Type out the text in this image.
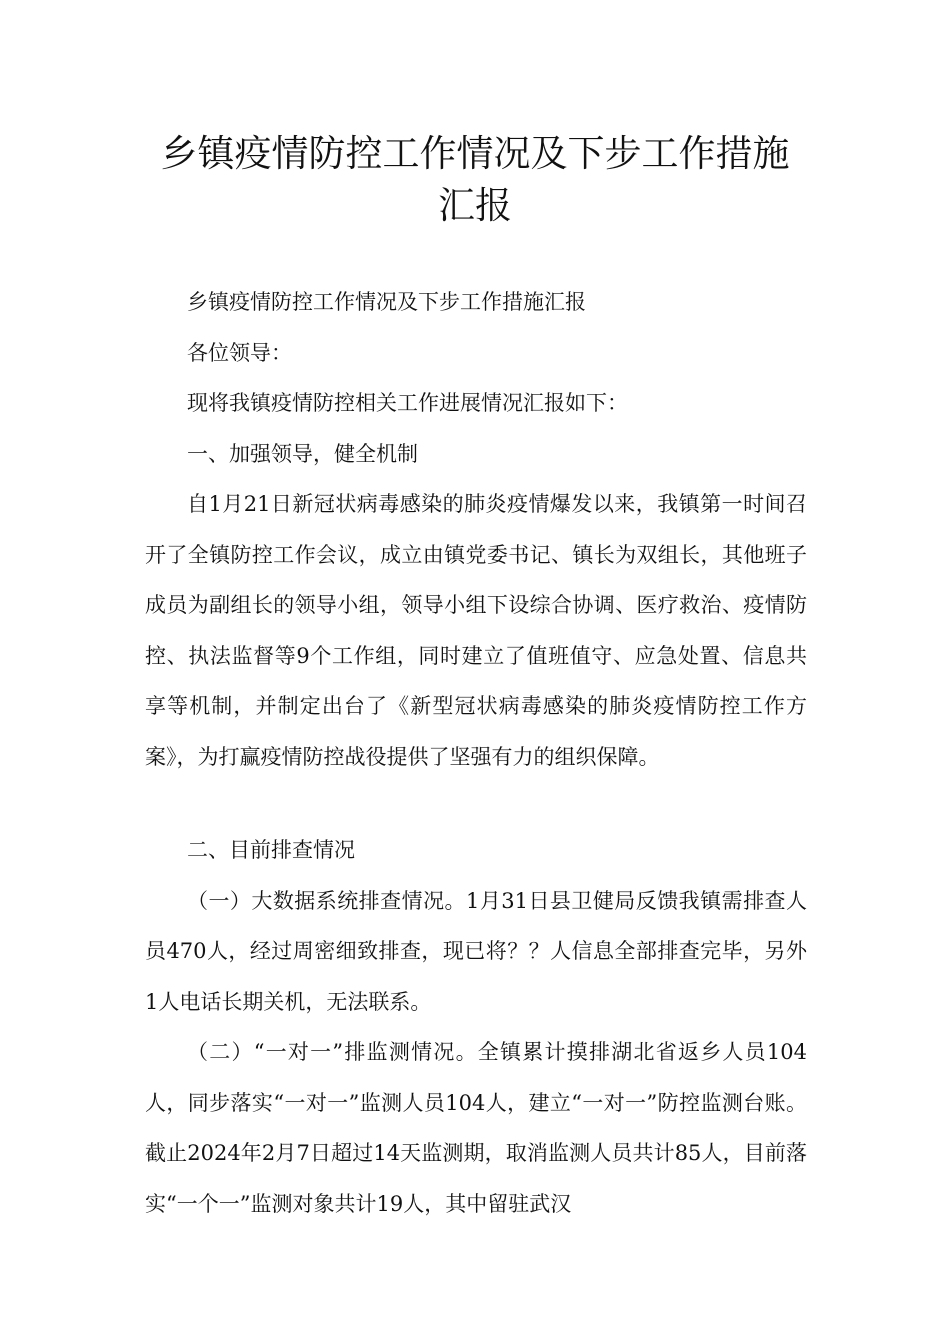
乡镇疫情防控工作情况及下步工作措施
汇报

乡镇疫情防控工作情况及下步工作措施汇报

各位领导：

现将我镇疫情防控相关工作进展情况汇报如下：

一、加强领导，健全机制

自1月21日新冠状病毒感染的肺炎疫情爆发以来，我镇第一时间召开了全镇防控工作会议，成立由镇党委书记、镇长为双组长，其他班子成员为副组长的领导小组，领导小组下设综合协调、医疗救治、疫情防控、执法监督等9个工作组，同时建立了值班值守、应急处置、信息共享等机制，并制定出台了《新型冠状病毒感染的肺炎疫情防控工作方案》，为打赢疫情防控战役提供了坚强有力的组织保障。

二、目前排查情况

（一）大数据系统排查情况。1月31日县卫健局反馈我镇需排查人员470人，经过周密细致排查，现已将？？人信息全部排查完毕，另外1人电话长期关机，无法联系。

（二）“一对一”排监测情况。全镇累计摸排湖北省返乡人员104人，同步落实“一对一”监测人员104人，建立“一对一”防控监测台账。截止2024年2月7日超过14天监测期，取消监测人员共计85人，目前落实“一个一”监测对象共计19人，其中留驻武汉
